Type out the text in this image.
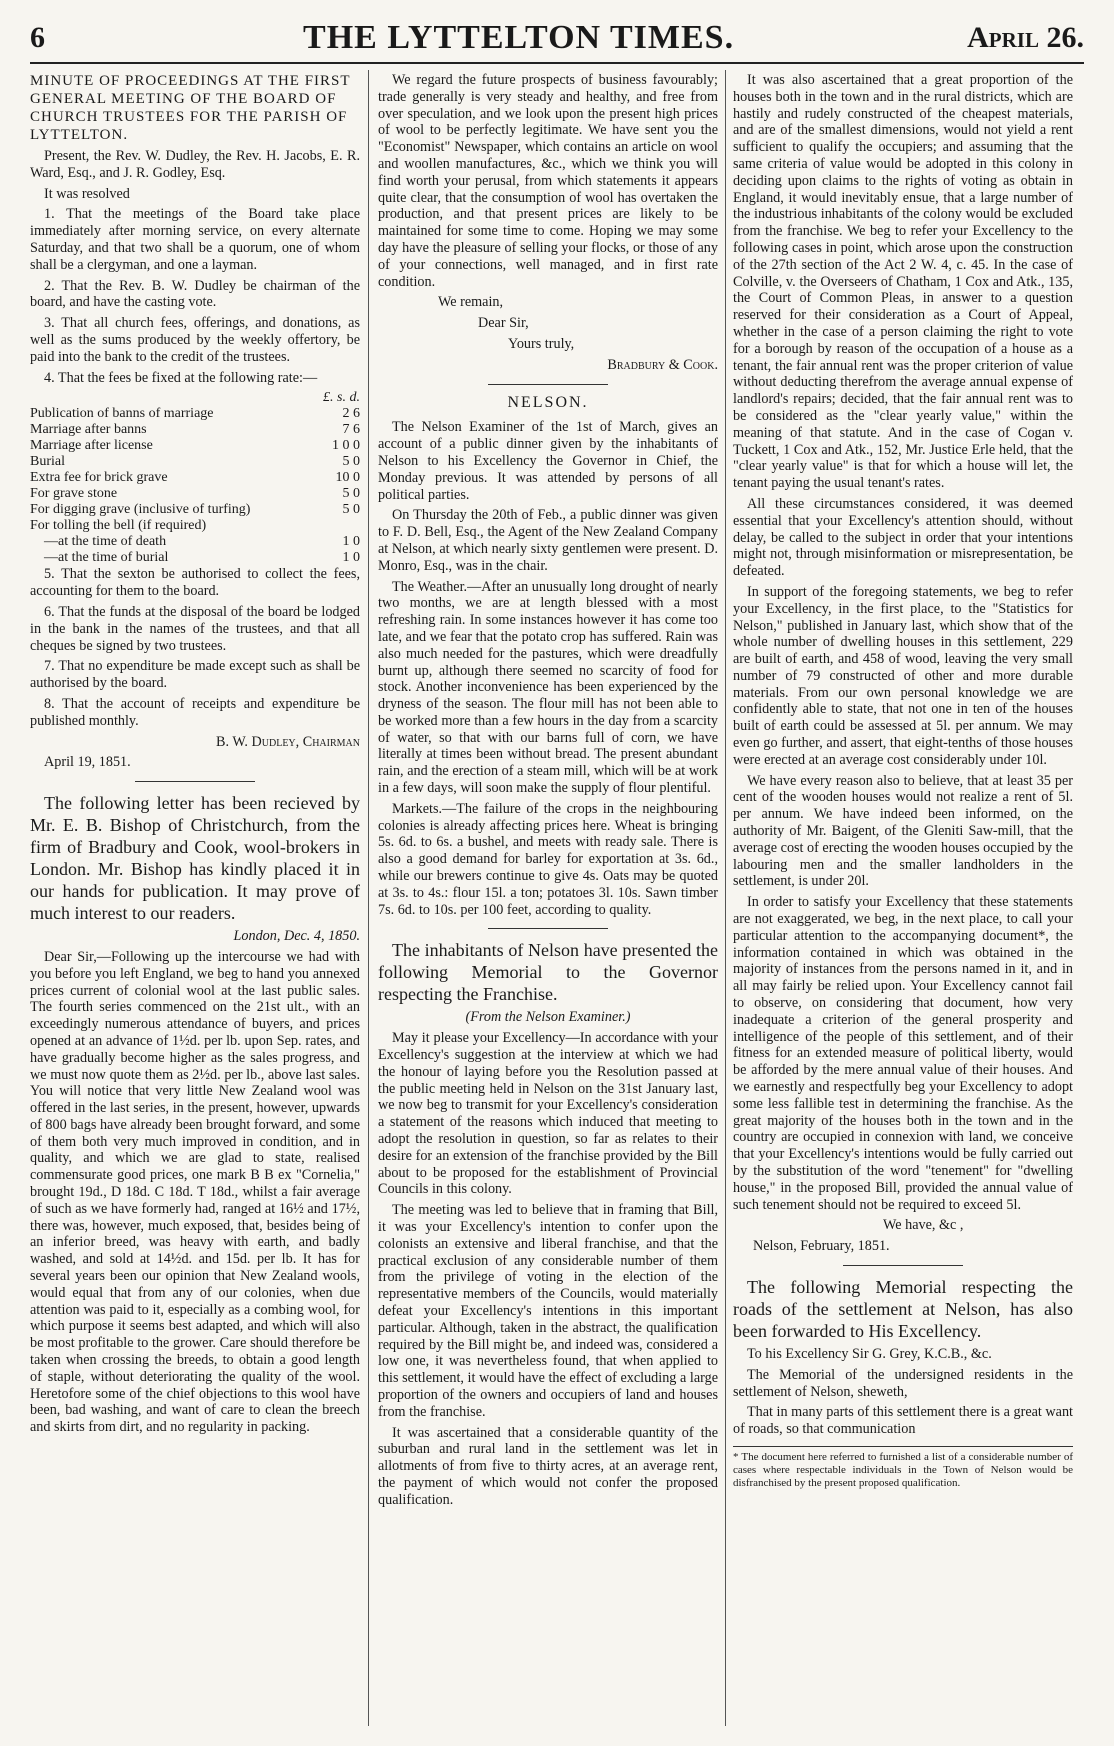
6	THE LYTTELTON TIMES.	April 26.

MINUTE OF PROCEEDINGS AT THE FIRST GENERAL MEETING OF THE BOARD OF CHURCH TRUSTEES FOR THE PARISH OF LYTTELTON.

Present, the Rev. W. Dudley, the Rev. H. Jacobs, E. R. Ward, Esq., and J. R. Godley, Esq.

It was resolved

1. That the meetings of the Board take place immediately after morning service, on every alternate Saturday, and that two shall be a quorum, one of whom shall be a clergyman, and one a layman.

2. That the Rev. B. W. Dudley be chairman of the board, and have the casting vote.

3. That all church fees, offerings, and donations, as well as the sums produced by the weekly offertory, be paid into the bank to the credit of the trustees.

4. That the fees be fixed at the following rate:—

	£. s. d.
Publication of banns of marriage	2 6
Marriage after banns	7 6
Marriage after license	1 0 0
Burial	5 0
Extra fee for brick grave	10 0
For grave stone	5 0
For digging grave (inclusive of turfing)	5 0
For tolling the bell (if required)	
—at the time of death	1 0
—at the time of burial	1 0

5. That the sexton be authorised to collect the fees, accounting for them to the board.

6. That the funds at the disposal of the board be lodged in the bank in the names of the trustees, and that all cheques be signed by two trustees.

7. That no expenditure be made except such as shall be authorised by the board.

8. That the account of receipts and expenditure be published monthly.

B. W. Dudley, Chairman

April 19, 1851.

The following letter has been recieved by Mr. E. B. Bishop of Christchurch, from the firm of Bradbury and Cook, wool-brokers in London. Mr. Bishop has kindly placed it in our hands for publication. It may prove of much interest to our readers.

London, Dec. 4, 1850.

Dear Sir,—Following up the intercourse we had with you before you left England, we beg to hand you annexed prices current of colonial wool at the last public sales. The fourth series commenced on the 21st ult., with an exceedingly numerous attendance of buyers, and prices opened at an advance of 1½d. per lb. upon Sep. rates, and have gradually become higher as the sales progress, and we must now quote them as 2½d. per lb., above last sales. You will notice that very little New Zealand wool was offered in the last series, in the present, however, upwards of 800 bags have already been brought forward, and some of them both very much improved in condition, and in quality, and which we are glad to state, realised commensurate good prices, one mark B B ex "Cornelia," brought 19d., D 18d. C 18d. T 18d., whilst a fair average of such as we have formerly had, ranged at 16½ and 17½, there was, however, much exposed, that, besides being of an inferior breed, was heavy with earth, and badly washed, and sold at 14½d. and 15d. per lb. It has for several years been our opinion that New Zealand wools, would equal that from any of our colonies, when due attention was paid to it, especially as a combing wool, for which purpose it seems best adapted, and which will also be most profitable to the grower. Care should therefore be taken when crossing the breeds, to obtain a good length of staple, without deteriorating the quality of the wool. Heretofore some of the chief objections to this wool have been, bad washing, and want of care to clean the breech and skirts from dirt, and no regularity in packing.

We regard the future prospects of business favourably; trade generally is very steady and healthy, and free from over speculation, and we look upon the present high prices of wool to be perfectly legitimate. We have sent you the "Economist" Newspaper, which contains an article on wool and woollen manufactures, &c., which we think you will find worth your perusal, from which statements it appears quite clear, that the consumption of wool has overtaken the production, and that present prices are likely to be maintained for some time to come. Hoping we may some day have the pleasure of selling your flocks, or those of any of your connections, well managed, and in first rate condition.

We remain,

Dear Sir,

Yours truly,

Bradbury & Cook.

NELSON.

The Nelson Examiner of the 1st of March, gives an account of a public dinner given by the inhabitants of Nelson to his Excellency the Governor in Chief, the Monday previous. It was attended by persons of all political parties.

On Thursday the 20th of Feb., a public dinner was given to F. D. Bell, Esq., the Agent of the New Zealand Company at Nelson, at which nearly sixty gentlemen were present. D. Monro, Esq., was in the chair.

The Weather.—After an unusually long drought of nearly two months, we are at length blessed with a most refreshing rain. In some instances however it has come too late, and we fear that the potato crop has suffered. Rain was also much needed for the pastures, which were dreadfully burnt up, although there seemed no scarcity of food for stock. Another inconvenience has been experienced by the dryness of the season. The flour mill has not been able to be worked more than a few hours in the day from a scarcity of water, so that with our barns full of corn, we have literally at times been without bread. The present abundant rain, and the erection of a steam mill, which will be at work in a few days, will soon make the supply of flour plentiful.

Markets.—The failure of the crops in the neighbouring colonies is already affecting prices here. Wheat is bringing 5s. 6d. to 6s. a bushel, and meets with ready sale. There is also a good demand for barley for exportation at 3s. 6d., while our brewers continue to give 4s. Oats may be quoted at 3s. to 4s.: flour 15l. a ton; potatoes 3l. 10s. Sawn timber 7s. 6d. to 10s. per 100 feet, according to quality.

The inhabitants of Nelson have presented the following Memorial to the Governor respecting the Franchise.

(From the Nelson Examiner.)

May it please your Excellency—In accordance with your Excellency's suggestion at the interview at which we had the honour of laying before you the Resolution passed at the public meeting held in Nelson on the 31st January last, we now beg to transmit for your Excellency's consideration a statement of the reasons which induced that meeting to adopt the resolution in question, so far as relates to their desire for an extension of the franchise provided by the Bill about to be proposed for the establishment of Provincial Councils in this colony.

The meeting was led to believe that in framing that Bill, it was your Excellency's intention to confer upon the colonists an extensive and liberal franchise, and that the practical exclusion of any considerable number of them from the privilege of voting in the election of the representative members of the Councils, would materially defeat your Excellency's intentions in this important particular. Although, taken in the abstract, the qualification required by the Bill might be, and indeed was, considered a low one, it was nevertheless found, that when applied to this settlement, it would have the effect of excluding a large proportion of the owners and occupiers of land and houses from the franchise.

It was ascertained that a considerable quantity of the suburban and rural land in the settlement was let in allotments of from five to thirty acres, at an average rent, the payment of which would not confer the proposed qualification.

It was also ascertained that a great proportion of the houses both in the town and in the rural districts, which are hastily and rudely constructed of the cheapest materials, and are of the smallest dimensions, would not yield a rent sufficient to qualify the occupiers; and assuming that the same criteria of value would be adopted in this colony in deciding upon claims to the rights of voting as obtain in England, it would inevitably ensue, that a large number of the industrious inhabitants of the colony would be excluded from the franchise. We beg to refer your Excellency to the following cases in point, which arose upon the construction of the 27th section of the Act 2 W. 4, c. 45. In the case of Colville, v. the Overseers of Chatham, 1 Cox and Atk., 135, the Court of Common Pleas, in answer to a question reserved for their consideration as a Court of Appeal, whether in the case of a person claiming the right to vote for a borough by reason of the occupation of a house as a tenant, the fair annual rent was the proper criterion of value without deducting therefrom the average annual expense of landlord's repairs; decided, that the fair annual rent was to be considered as the "clear yearly value," within the meaning of that statute. And in the case of Cogan v. Tuckett, 1 Cox and Atk., 152, Mr. Justice Erle held, that the "clear yearly value" is that for which a house will let, the tenant paying the usual tenant's rates.

All these circumstances considered, it was deemed essential that your Excellency's attention should, without delay, be called to the subject in order that your intentions might not, through misinformation or misrepresentation, be defeated.

In support of the foregoing statements, we beg to refer your Excellency, in the first place, to the "Statistics for Nelson," published in January last, which show that of the whole number of dwelling houses in this settlement, 229 are built of earth, and 458 of wood, leaving the very small number of 79 constructed of other and more durable materials. From our own personal knowledge we are confidently able to state, that not one in ten of the houses built of earth could be assessed at 5l. per annum. We may even go further, and assert, that eight-tenths of those houses were erected at an average cost considerably under 10l.

We have every reason also to believe, that at least 35 per cent of the wooden houses would not realize a rent of 5l. per annum. We have indeed been informed, on the authority of Mr. Baigent, of the Gleniti Saw-mill, that the average cost of erecting the wooden houses occupied by the labouring men and the smaller landholders in the settlement, is under 20l.

In order to satisfy your Excellency that these statements are not exaggerated, we beg, in the next place, to call your particular attention to the accompanying document*, the information contained in which was obtained in the majority of instances from the persons named in it, and in all may fairly be relied upon. Your Excellency cannot fail to observe, on considering that document, how very inadequate a criterion of the general prosperity and intelligence of the people of this settlement, and of their fitness for an extended measure of political liberty, would be afforded by the mere annual value of their houses. And we earnestly and respectfully beg your Excellency to adopt some less fallible test in determining the franchise. As the great majority of the houses both in the town and in the country are occupied in connexion with land, we conceive that your Excellency's intentions would be fully carried out by the substitution of the word "tenement" for "dwelling house," in the proposed Bill, provided the annual value of such tenement should not be required to exceed 5l.

We have, &c ,

Nelson, February, 1851.

The following Memorial respecting the roads of the settlement at Nelson, has also been forwarded to His Excellency.

To his Excellency Sir G. Grey, K.C.B., &c.

The Memorial of the undersigned residents in the settlement of Nelson, sheweth,

That in many parts of this settlement there is a great want of roads, so that communication

* The document here referred to furnished a list of a considerable number of cases where respectable individuals in the Town of Nelson would be disfranchised by the present proposed qualification.
